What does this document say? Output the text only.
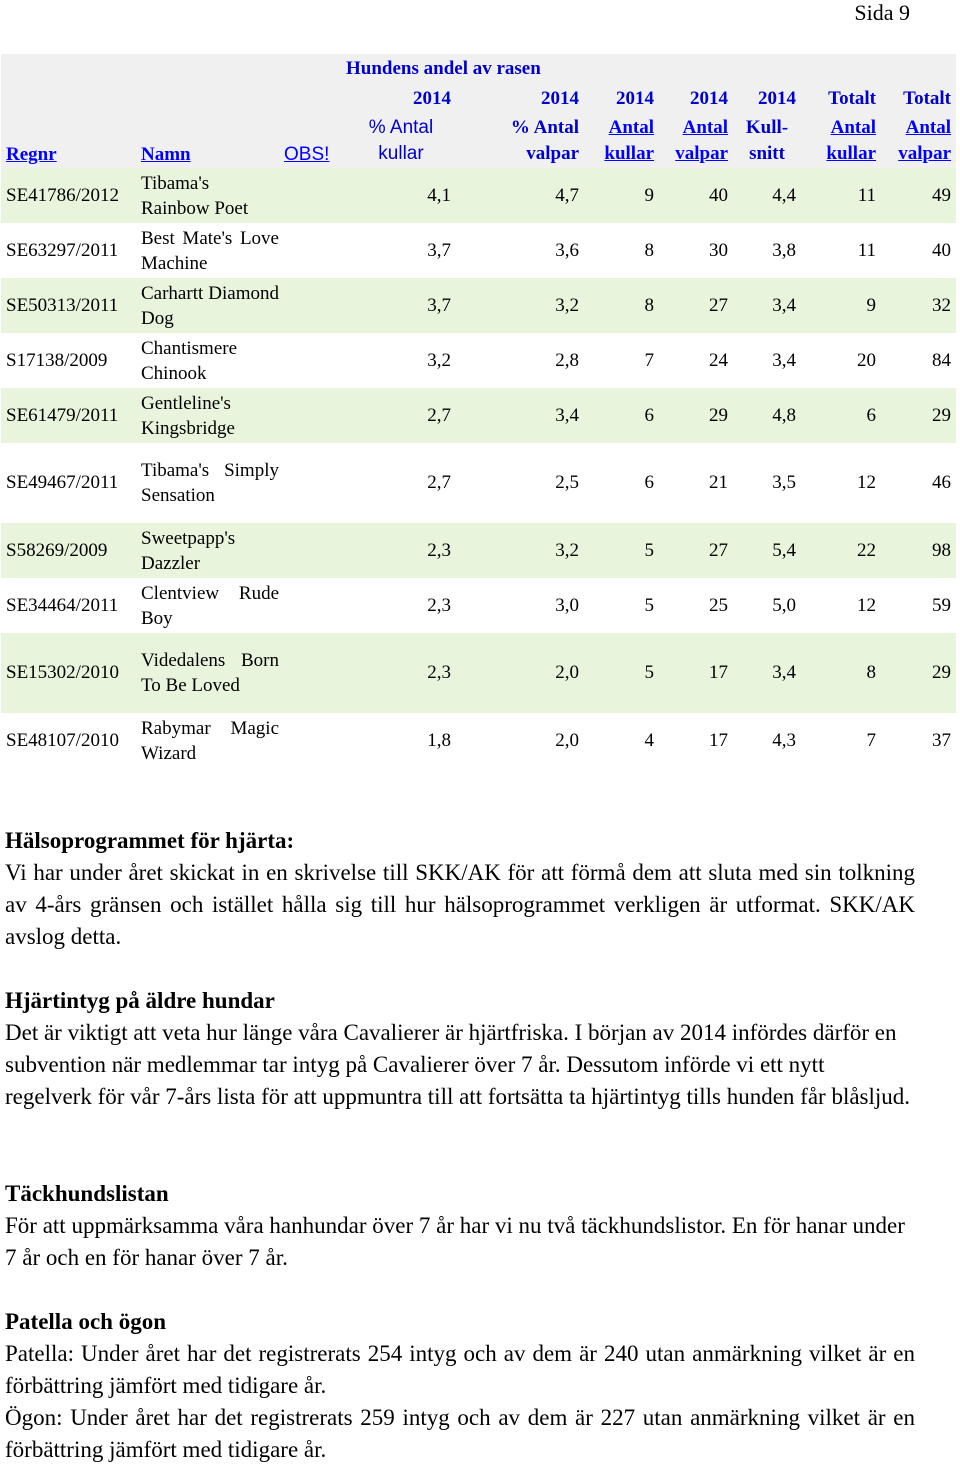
Sida 9
			Hundens andel av rasen						
			2014	2014	2014	2014	2014	Totalt	Totalt
Regnr	Namn	OBS!	% Antal kullar	% Antal valpar	Antal kullar	Antal valpar	Kull-snitt	Antal kullar	Antal valpar
SE41786/2012	Tibama's Rainbow Poet		4,1	4,7	9	40	4,4	11	49
SE63297/2011	Best Mate's Love Machine		3,7	3,6	8	30	3,8	11	40
SE50313/2011	Carhartt Diamond Dog		3,7	3,2	8	27	3,4	9	32
S17138/2009	Chantismere Chinook		3,2	2,8	7	24	3,4	20	84
SE61479/2011	Gentleline's Kingsbridge		2,7	3,4	6	29	4,8	6	29
SE49467/2011	Tibama's Simply Sensation		2,7	2,5	6	21	3,5	12	46
S58269/2009	Sweetpapp's Dazzler		2,3	3,2	5	27	5,4	22	98
SE34464/2011	Clentview Rude Boy		2,3	3,0	5	25	5,0	12	59
SE15302/2010	Videdalens Born To Be Loved		2,3	2,0	5	17	3,4	8	29
SE48107/2010	Rabymar Magic Wizard		1,8	2,0	4	17	4,3	7	37
Hälsoprogrammet för hjärta:

Vi har under året skickat in en skrivelse till SKK/AK för att förmå dem att sluta med sin tolkning av 4-års gränsen och istället hålla sig till hur hälsoprogrammet verkligen är utformat. SKK/AK avslog detta.

Hjärtintyg på äldre hundar

Det är viktigt att veta hur länge våra Cavalierer är hjärtfriska. I början av 2014 infördes därför en subvention när medlemmar tar intyg på Cavalierer över 7 år. Dessutom införde vi ett nytt regelverk för vår 7-års lista för att uppmuntra till att fortsätta ta hjärtintyg tills hunden får blåsljud.

Täckhundslistan

För att uppmärksamma våra hanhundar över 7 år har vi nu två täckhundslistor. En för hanar under 7 år och en för hanar över 7 år.

Patella och ögon

Patella: Under året har det registrerats 254 intyg och av dem är 240 utan anmärkning vilket är en förbättring jämfört med tidigare år.

Ögon: Under året har det registrerats 259 intyg och av dem är 227 utan anmärkning vilket är en förbättring jämfört med tidigare år.
